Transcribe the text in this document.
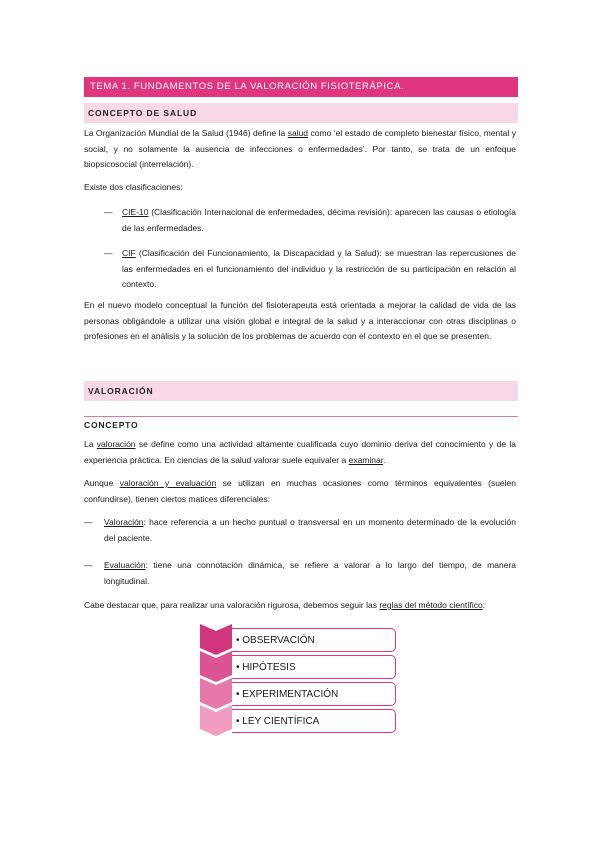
TEMA 1. FUNDAMENTOS DE LA VALORACIÓN FISIOTERÁPICA.
CONCEPTO DE SALUD
La Organización Mundial de la Salud (1946) define la salud como ‘el estado de completo bienestar físico, mental y social, y no solamente la ausencia de infecciones o enfermedades’. Por tanto, se trata de un enfoque biopsicosocial (interrelación).
Existe dos clasificaciones:
— CIE-10 (Clasificación Internacional de enfermedades, décima revisión): aparecen las causas o etiología de las enfermedades.
— CIF (Clasificación del Funcionamiento, la Discapacidad y la Salud): se muestran las repercusiones de las enfermedades en el funcionamiento del individuo y la restricción de su participación en relación al contexto.
En el nuevo modelo conceptual la función del fisioterapeuta está orientada a mejorar la calidad de vida de las personas obligándole a utilizar una visión global e integral de la salud y a interaccionar con otras disciplinas o profesiones en el análisis y la solución de los problemas de acuerdo con el contexto en el que se presenten.
VALORACIÓN
CONCEPTO
La valoración se define como una actividad altamente cualificada cuyo dominio deriva del conocimiento y de la experiencia práctica. En ciencias de la salud valorar suele equivaler a examinar.
Aunque valoración y evaluación se utilizan en muchas ocasiones como términos equivalentes (suelen confundirse), tienen ciertos matices diferenciales:
— Valoración: hace referencia a un hecho puntual o transversal en un momento determinado de la evolución del paciente.
— Evaluación: tiene una connotación dinámica, se refiere a valorar a lo largo del tiempo, de manera longitudinal.
Cabe destacar que, para realizar una valoración rigurosa, debemos seguir las reglas del método científico:
• OBSERVACIÓN
• HIPÓTESIS
• EXPERIMENTACIÓN
• LEY CIENTÍFICA
